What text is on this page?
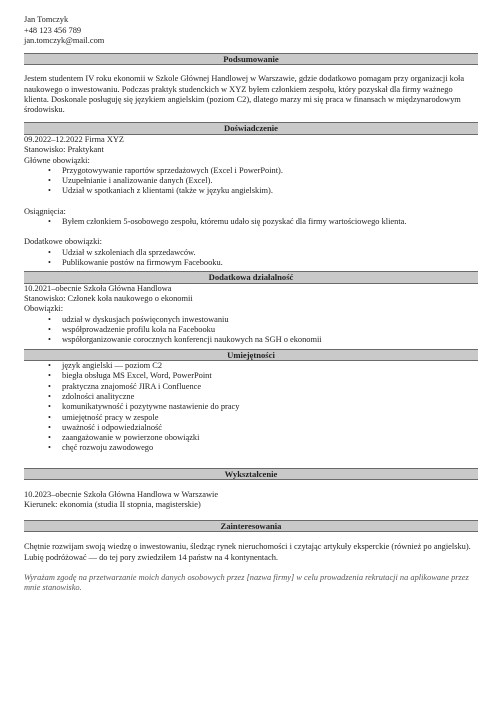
Jan Tomczyk
+48 123 456 789
jan.tomczyk@mail.com
Podsumowanie

Jestem studentem IV roku ekonomii w Szkole Głównej Handlowej w Warszawie, gdzie dodatkowo pomagam przy organizacji koła naukowego o inwestowaniu. Podczas praktyk studenckich w XYZ byłem członkiem zespołu, który pozyskał dla firmy ważnego klienta. Doskonale posługuję się językiem angielskim (poziom C2), dlatego marzy mi się praca w finansach w międzynarodowym środowisku.

Doświadczenie
09.2022–12.2022 Firma XYZ
Stanowisko: Praktykant
Główne obowiązki:
• Przygotowywanie raportów sprzedażowych (Excel i PowerPoint).
• Uzupełnianie i analizowanie danych (Excel).
• Udział w spotkaniach z klientami (także w języku angielskim).
Osiągnięcia:
• Byłem członkiem 5-osobowego zespołu, któremu udało się pozyskać dla firmy wartościowego klienta.
Dodatkowe obowiązki:
• Udział w szkoleniach dla sprzedawców.
• Publikowanie postów na firmowym Facebooku.
Dodatkowa działalność
10.2021–obecnie Szkoła Główna Handlowa
Stanowisko: Członek koła naukowego o ekonomii
Obowiązki:
• udział w dyskusjach poświęconych inwestowaniu
• współprowadzenie profilu koła na Facebooku
• współorganizowanie corocznych konferencji naukowych na SGH o ekonomii
Umiejętności
• język angielski — poziom C2
• biegła obsługa MS Excel, Word, PowerPoint
• praktyczna znajomość JIRA i Confluence
• zdolności analityczne
• komunikatywność i pozytywne nastawienie do pracy
• umiejętność pracy w zespole
• uważność i odpowiedzialność
• zaangażowanie w powierzone obowiązki
• chęć rozwoju zawodowego
Wykształcenie
10.2023–obecnie Szkoła Główna Handlowa w Warszawie
Kierunek: ekonomia (studia II stopnia, magisterskie)
Zainteresowania

Chętnie rozwijam swoją wiedzę o inwestowaniu, śledząc rynek nieruchomości i czytając artykuły eksperckie (również po angielsku). Lubię podróżować — do tej pory zwiedziłem 14 państw na 4 kontynentach.

Wyrażam zgodę na przetwarzanie moich danych osobowych przez [nazwa firmy] w celu prowadzenia rekrutacji na aplikowane przez mnie stanowisko.
